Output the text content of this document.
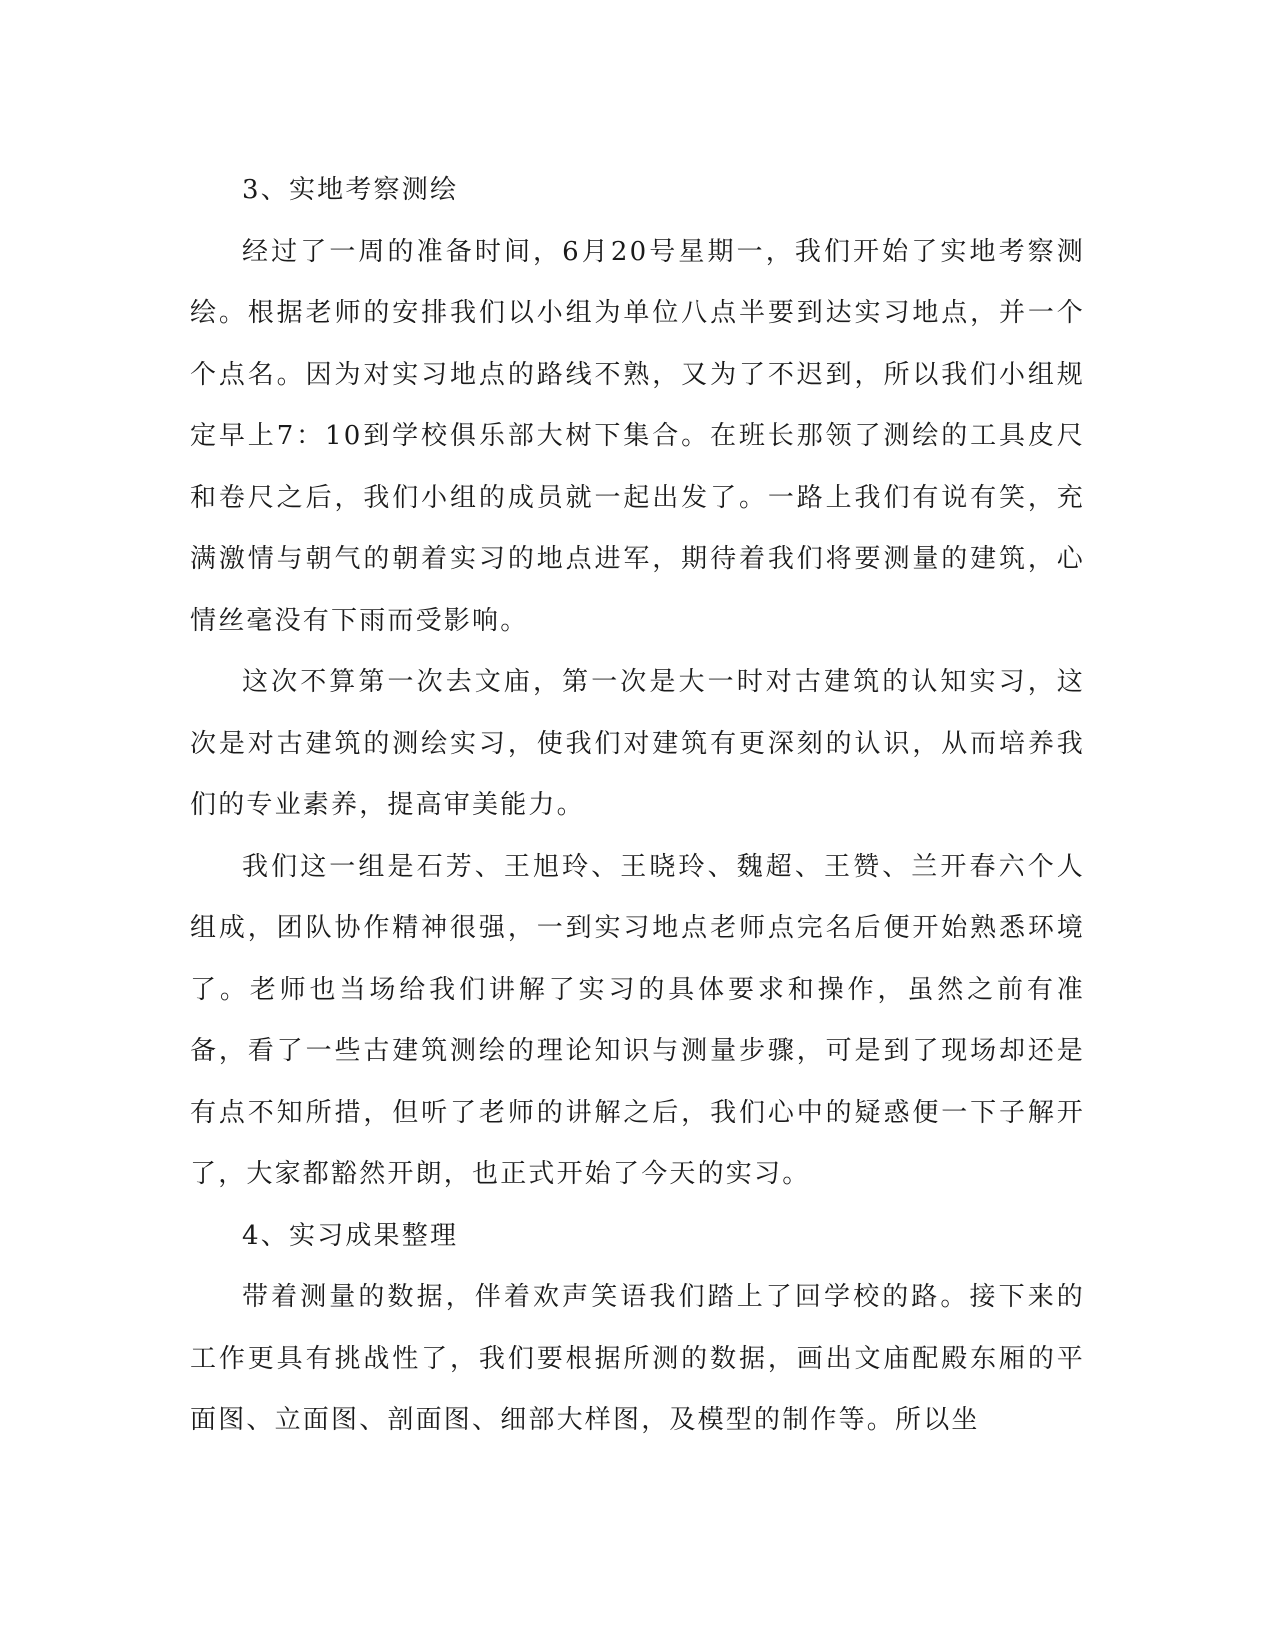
3、实地考察测绘

经过了一周的准备时间，6月20号星期一，我们开始了实地考察测绘。根据老师的安排我们以小组为单位八点半要到达实习地点，并一个个点名。因为对实习地点的路线不熟，又为了不迟到，所以我们小组规定早上7：10到学校俱乐部大树下集合。在班长那领了测绘的工具皮尺和卷尺之后，我们小组的成员就一起出发了。一路上我们有说有笑，充满激情与朝气的朝着实习的地点进军，期待着我们将要测量的建筑，心情丝毫没有下雨而受影响。

这次不算第一次去文庙，第一次是大一时对古建筑的认知实习，这次是对古建筑的测绘实习，使我们对建筑有更深刻的认识，从而培养我们的专业素养，提高审美能力。

我们这一组是石芳、王旭玲、王晓玲、魏超、王赞、兰开春六个人组成，团队协作精神很强，一到实习地点老师点完名后便开始熟悉环境了。老师也当场给我们讲解了实习的具体要求和操作，虽然之前有准备，看了一些古建筑测绘的理论知识与测量步骤，可是到了现场却还是有点不知所措，但听了老师的讲解之后，我们心中的疑惑便一下子解开了，大家都豁然开朗，也正式开始了今天的实习。

4、实习成果整理

带着测量的数据，伴着欢声笑语我们踏上了回学校的路。接下来的工作更具有挑战性了，我们要根据所测的数据，画出文庙配殿东厢的平面图、立面图、剖面图、细部大样图，及模型的制作等。所以坐
